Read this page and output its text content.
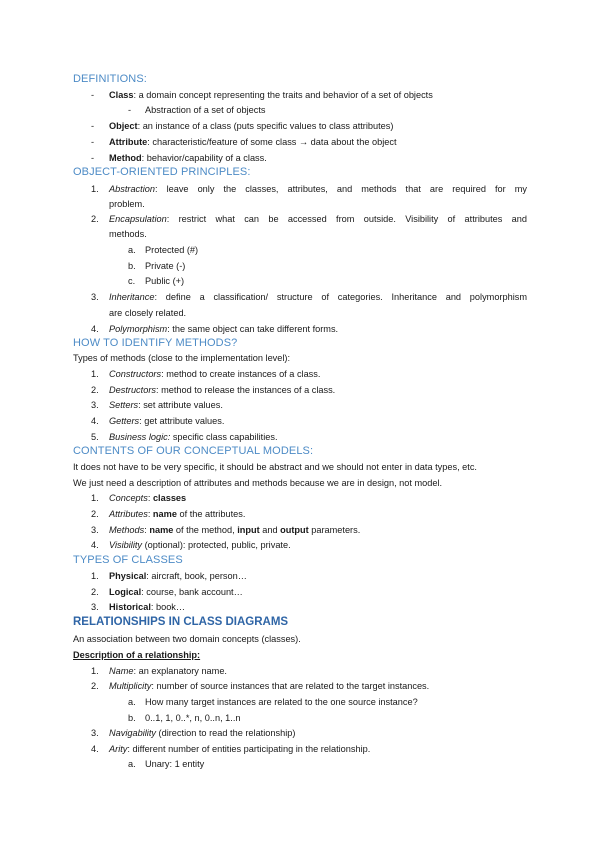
DEFINITIONS:
- Class: a domain concept representing the traits and behavior of a set of objects
- Abstraction of a set of objects
- Object: an instance of a class (puts specific values to class attributes)
- Attribute: characteristic/feature of some class → data about the object
- Method: behavior/capability of a class.
OBJECT-ORIENTED PRINCIPLES:
1. Abstraction: leave only the classes, attributes, and methods that are required for my
problem.
2. Encapsulation: restrict what can be accessed from outside. Visibility of attributes and
methods.
a. Protected (#)
b. Private (-)
c. Public (+)
3. Inheritance: define a classification/ structure of categories. Inheritance and polymorphism
are closely related.
4. Polymorphism: the same object can take different forms.
HOW TO IDENTIFY METHODS?
Types of methods (close to the implementation level):
1. Constructors: method to create instances of a class.
2. Destructors: method to release the instances of a class.
3. Setters: set attribute values.
4. Getters: get attribute values.
5. Business logic: specific class capabilities.
CONTENTS OF OUR CONCEPTUAL MODELS:
It does not have to be very specific, it should be abstract and we should not enter in data types, etc.
We just need a description of attributes and methods because we are in design, not model.
1. Concepts: classes
2. Attributes: name of the attributes.
3. Methods: name of the method, input and output parameters.
4. Visibility (optional): protected, public, private.
TYPES OF CLASSES
1. Physical: aircraft, book, person…
2. Logical: course, bank account…
3. Historical: book…
RELATIONSHIPS IN CLASS DIAGRAMS
An association between two domain concepts (classes).
Description of a relationship:
1. Name: an explanatory name.
2. Multiplicity: number of source instances that are related to the target instances.
a. How many target instances are related to the one source instance?
b. 0..1, 1, 0..*, n, 0..n, 1..n
3. Navigability (direction to read the relationship)
4. Arity: different number of entities participating in the relationship.
a. Unary: 1 entity
